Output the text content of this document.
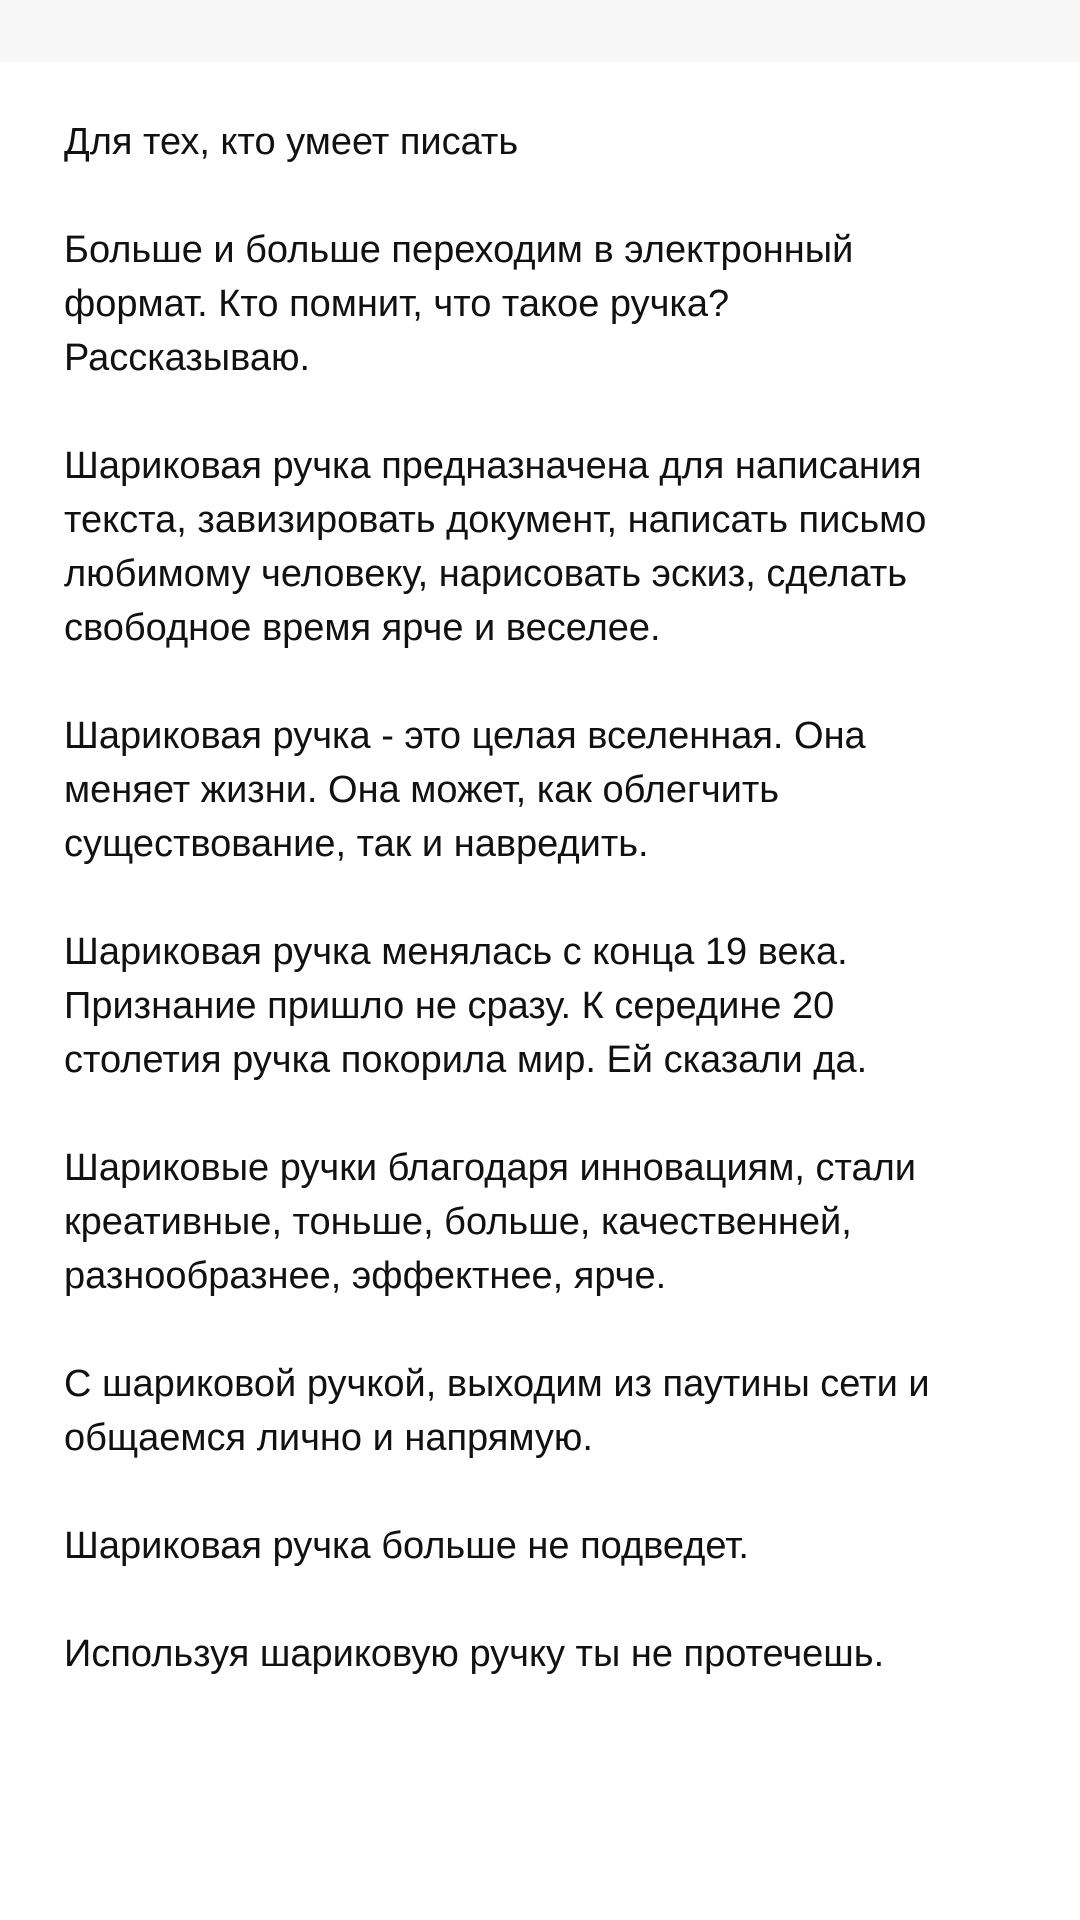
Для тех, кто умеет писать

Больше и больше переходим в электронный
формат. Кто помнит, что такое ручка?
Рассказываю.

Шариковая ручка предназначена для написания
текста, завизировать документ, написать письмо
любимому человеку, нарисовать эскиз, сделать
свободное время ярче и веселее.

Шариковая ручка - это целая вселенная. Она
меняет жизни. Она может, как облегчить
существование, так и навредить.

Шариковая ручка менялась с конца 19 века.
Признание пришло не сразу. К середине 20
столетия ручка покорила мир. Ей сказали да.

Шариковые ручки благодаря инновациям, стали
креативные, тоньше, больше, качественней,
разнообразнее, эффектнее, ярче.

С шариковой ручкой, выходим из паутины сети и
общаемся лично и напрямую.

Шариковая ручка больше не подведет.

Используя шариковую ручку ты не протечешь.
